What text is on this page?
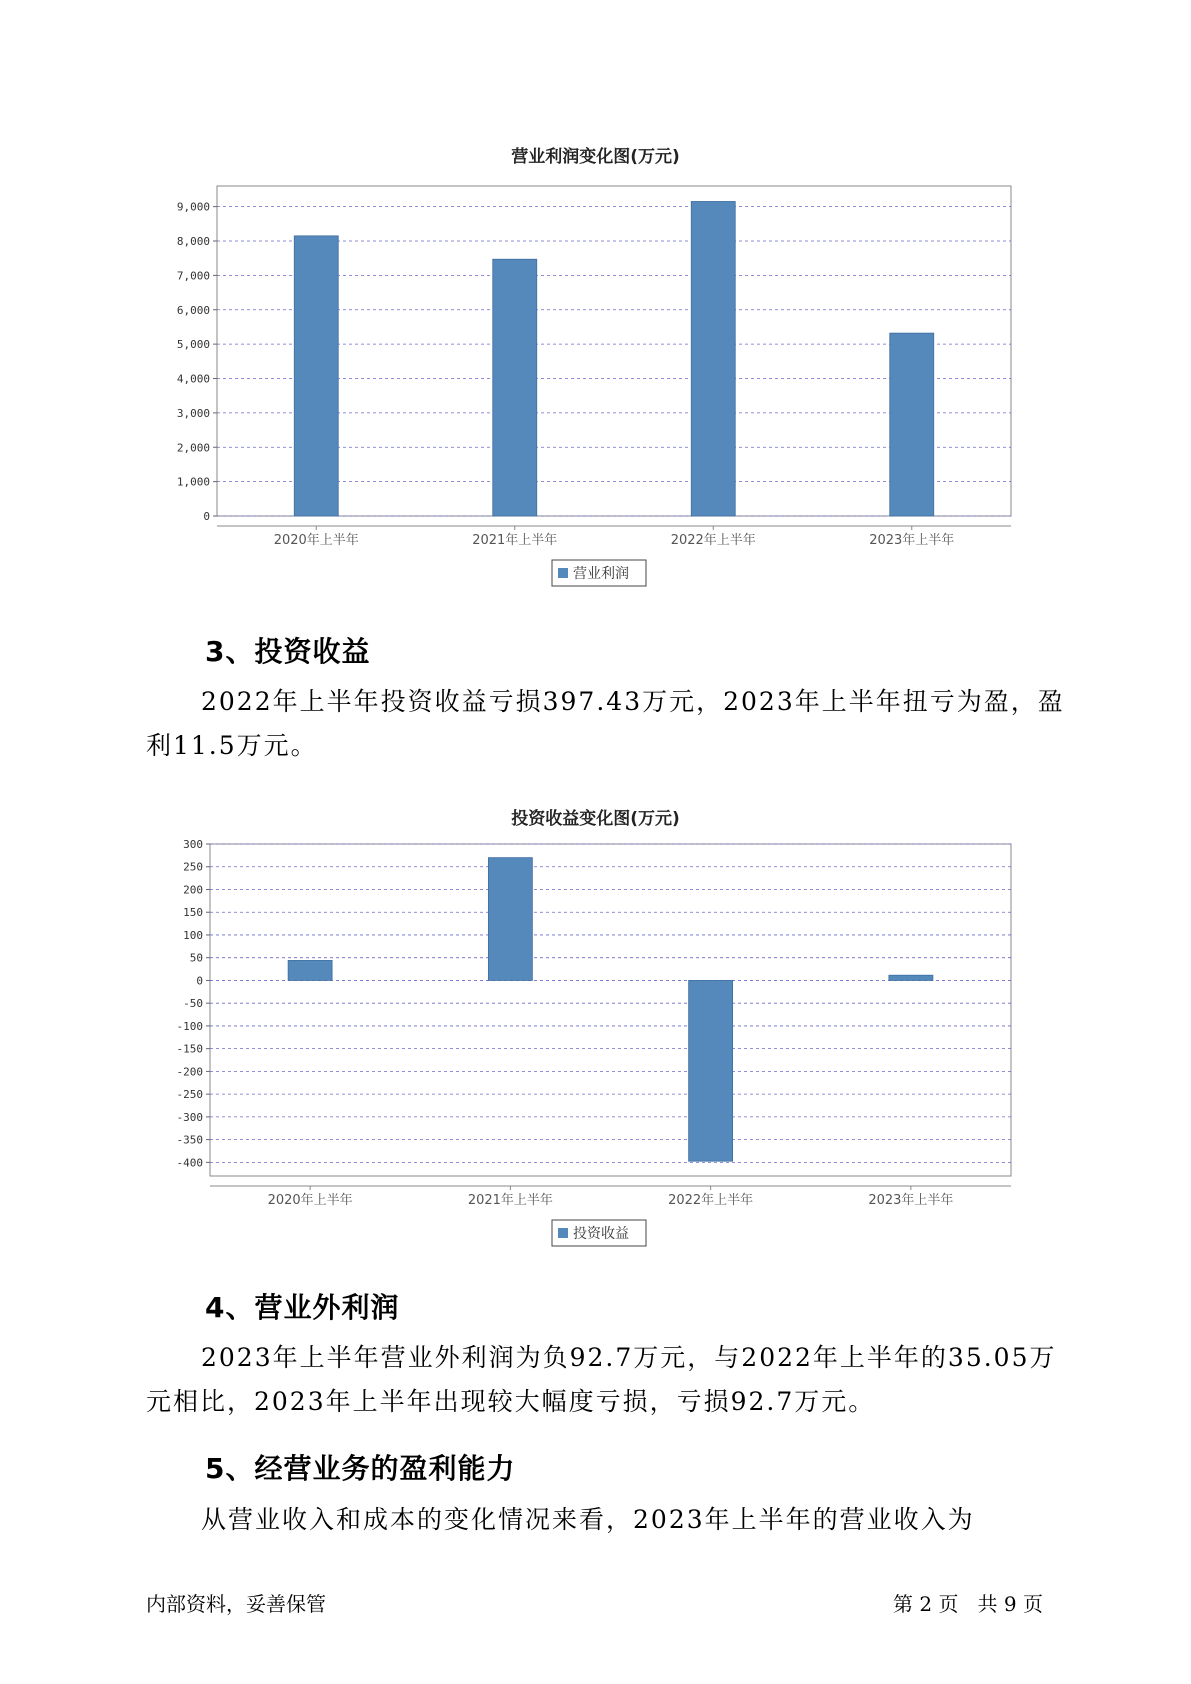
营业利润变化图(万元)
0
1,000
2,000
3,000
4,000
5,000
6,000
7,000
8,000
9,000
2020年上半年	2021年上半年	2022年上半年	2023年上半年
营业利润
3、投资收益

2022年上半年投资收益亏损397.43万元，2023年上半年扭亏为盈，盈利11.5万元。

投资收益变化图(万元)
300
250
200
150
100
50
0
-50
-100
-150
-200
-250
-300
-350
-400
2020年上半年	2021年上半年	2022年上半年	2023年上半年
投资收益
4、营业外利润

2023年上半年营业外利润为负92.7万元，与2022年上半年的35.05万元相比，2023年上半年出现较大幅度亏损，亏损92.7万元。

5、经营业务的盈利能力

从营业收入和成本的变化情况来看，2023年上半年的营业收入为

内部资料，妥善保管	第 2 页   共 9 页
